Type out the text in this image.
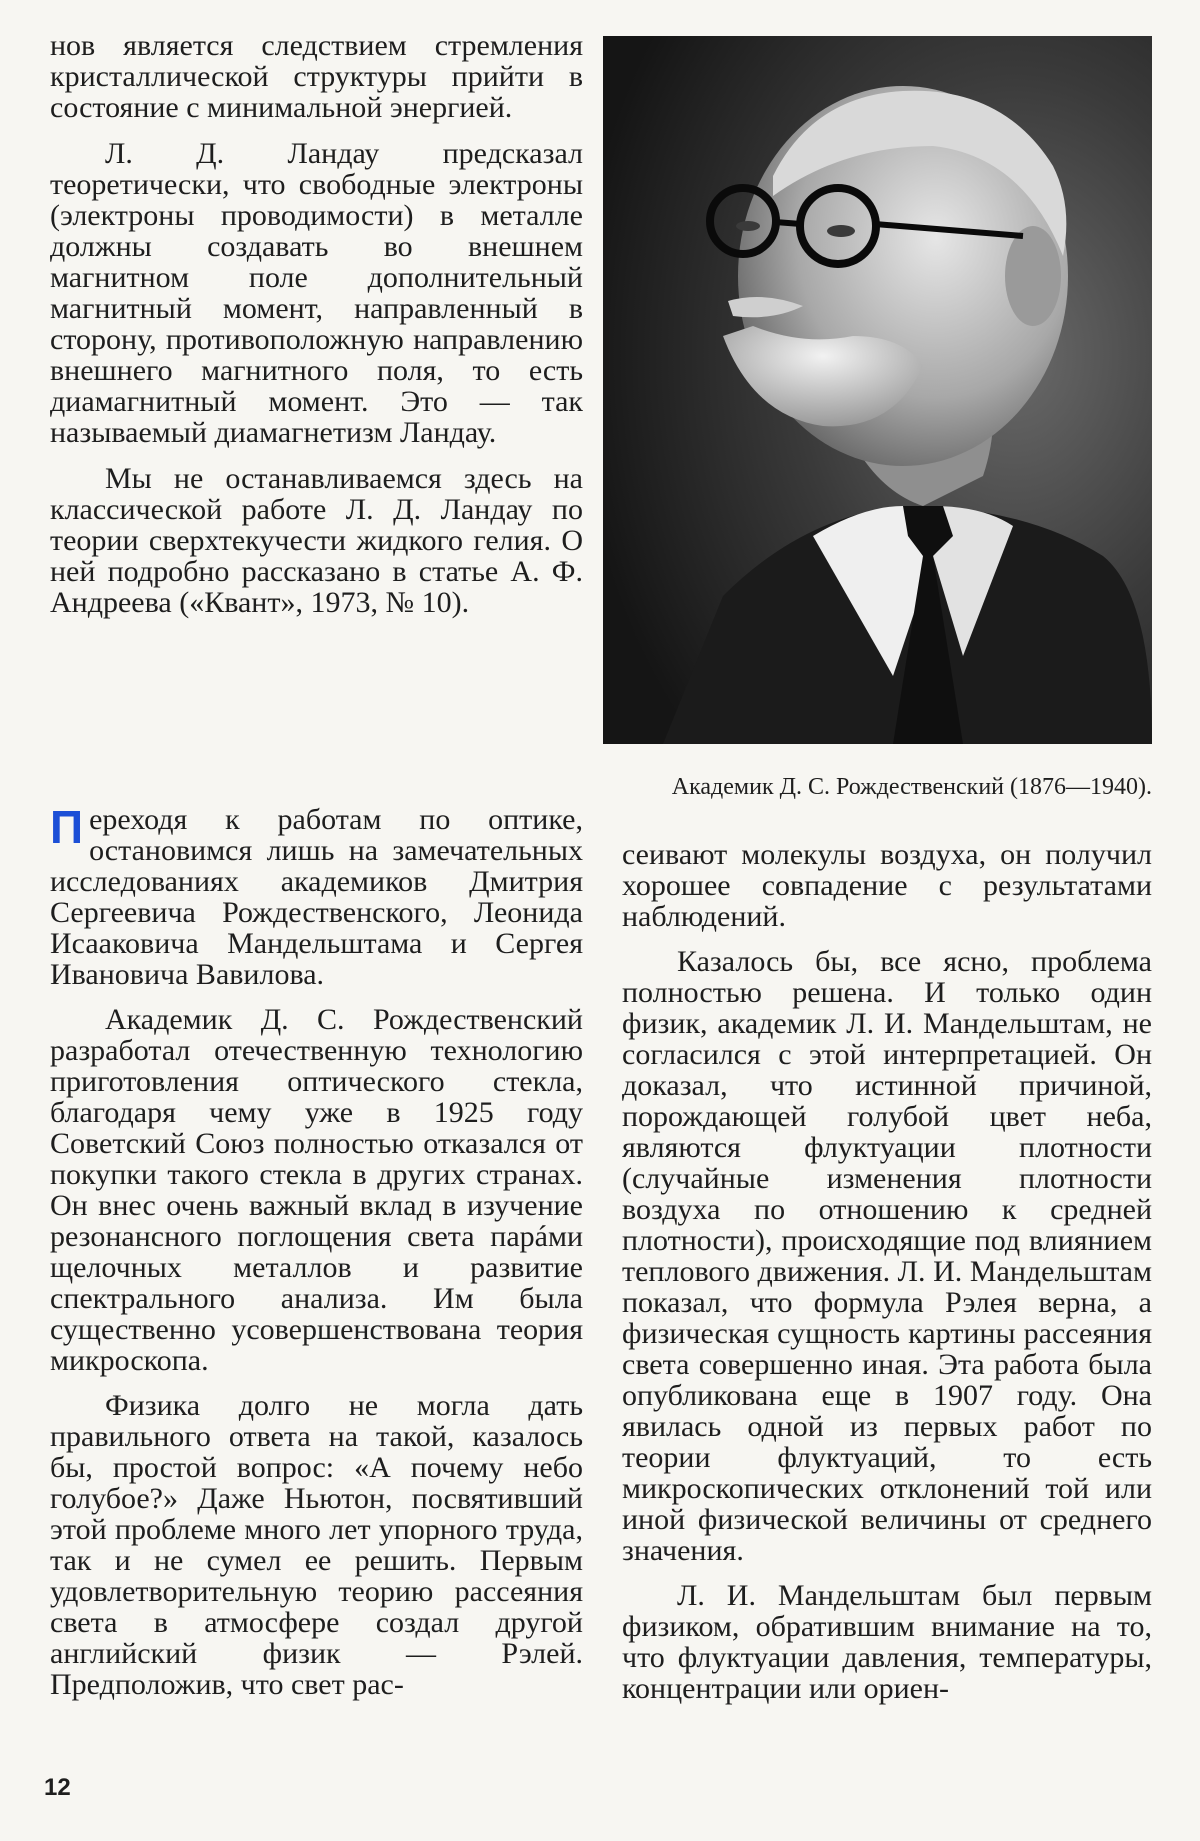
нов является следствием стремления кристаллической структуры прийти в состояние с минимальной энергией.

Л. Д. Ландау предсказал теоретически, что свободные электроны (электроны проводимости) в металле должны создавать во внешнем магнитном поле дополнительный магнитный момент, направленный в сторону, противоположную направлению внешнего магнитного поля, то есть диамагнитный момент. Это — так называемый диамагнетизм Ландау.

Мы не останавливаемся здесь на классической работе Л. Д. Ландау по теории сверхтекучести жидкого гелия. О ней подробно рассказано в статье А. Ф. Андреева («Квант», 1973, № 10).

Академик Д. С. Рождественский (1876—1940).

Переходя к работам по оптике, остановимся лишь на замечательных исследованиях академиков Дмитрия Сергеевича Рождественского, Леонида Исааковича Мандельштама и Сергея Ивановича Вавилова.

Академик Д. С. Рождественский разработал отечественную технологию приготовления оптического стекла, благодаря чему уже в 1925 году Советский Союз полностью отказался от покупки такого стекла в других странах. Он внес очень важный вклад в изучение резонансного поглощения света парáми щелочных металлов и развитие спектрального анализа. Им была существенно усовершенствована теория микроскопа.

Физика долго не могла дать правильного ответа на такой, казалось бы, простой вопрос: «А почему небо голубое?» Даже Ньютон, посвятивший этой проблеме много лет упорного труда, так и не сумел ее решить. Первым удовлетворительную теорию рассеяния света в атмосфере создал другой английский физик — Рэлей. Предположив, что свет рас-

сеивают молекулы воздуха, он получил хорошее совпадение с результатами наблюдений.

Казалось бы, все ясно, проблема полностью решена. И только один физик, академик Л. И. Мандельштам, не согласился с этой интерпретацией. Он доказал, что истинной причиной, порождающей голубой цвет неба, являются флуктуации плотности (случайные изменения плотности воздуха по отношению к средней плотности), происходящие под влиянием теплового движения. Л. И. Мандельштам показал, что формула Рэлея верна, а физическая сущность картины рассеяния света совершенно иная. Эта работа была опубликована еще в 1907 году. Она явилась одной из первых работ по теории флуктуаций, то есть микроскопических отклонений той или иной физической величины от среднего значения.

Л. И. Мандельштам был первым физиком, обратившим внимание на то, что флуктуации давления, температуры, концентрации или ориен-

12
